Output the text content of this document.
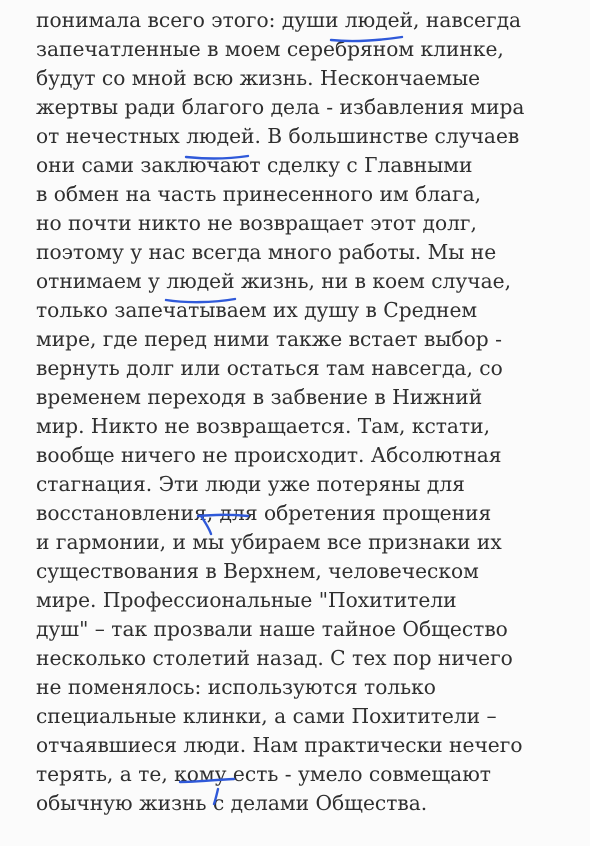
понимала всего этого: души людей, навсегда
запечатленные в моем серебряном клинке,
будут со мной всю жизнь. Нескончаемые
жертвы ради благого дела - избавления мира
от нечестных людей. В большинстве случаев
они сами заключают сделку с Главными
в обмен на часть принесенного им блага,
но почти никто не возвращает этот долг,
поэтому у нас всегда много работы. Мы не
отнимаем у людей жизнь, ни в коем случае,
только запечатываем их душу в Среднем
мире, где перед ними также встает выбор -
вернуть долг или остаться там навсегда, со
временем переходя в забвение в Нижний
мир. Никто не возвращается. Там, кстати,
вообще ничего не происходит. Абсолютная
стагнация. Эти люди уже потеряны для
восстановления, для обретения прощения
и гармонии, и мы убираем все признаки их
существования в Верхнем, человеческом
мире. Профессиональные "Похитители
душ" – так прозвали наше тайное Общество
несколько столетий назад. С тех пор ничего
не поменялось: используются только
специальные клинки, а сами Похитители –
отчаявшиеся люди. Нам практически нечего
терять, а те, кому есть - умело совмещают
обычную жизнь с делами Общества.
